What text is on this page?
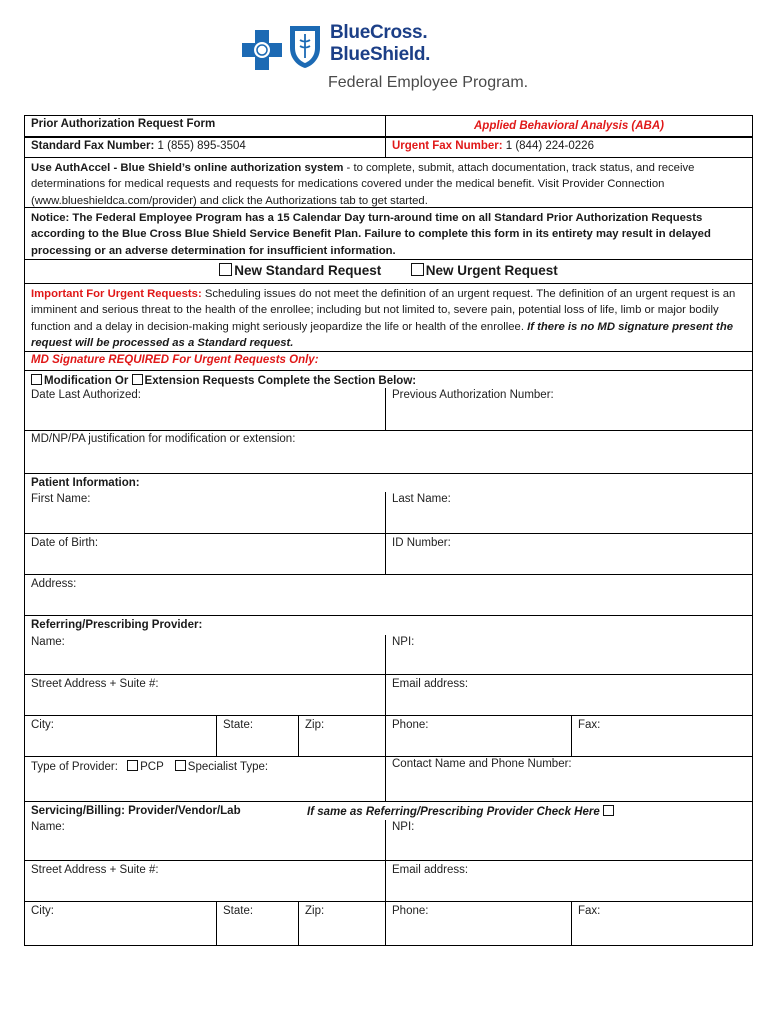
BlueCross.
BlueShield.
Federal Employee Program.
Prior Authorization Request Form	Applied Behavioral Analysis (ABA)
Standard Fax Number: 1 (855) 895-3504	Urgent Fax Number: 1 (844) 224-0226
Use AuthAccel - Blue Shield’s online authorization system - to complete, submit, attach documentation, track status, and receive determinations for medical requests and requests for medications covered under the medical benefit. Visit Provider Connection (www.blueshieldca.com/provider) and click the Authorizations tab to get started.
Notice: The Federal Employee Program has a 15 Calendar Day turn-around time on all Standard Prior Authorization Requests according to the Blue Cross Blue Shield Service Benefit Plan. Failure to complete this form in its entirety may result in delayed processing or an adverse determination for insufficient information.
New Standard Request	New Urgent Request
Important For Urgent Requests: Scheduling issues do not meet the definition of an urgent request. The definition of an urgent request is an imminent and serious threat to the health of the enrollee; including but not limited to, severe pain, potential loss of life, limb or major bodily function and a delay in decision-making might seriously jeopardize the life or health of the enrollee. If there is no MD signature present the request will be processed as a Standard request.
MD Signature REQUIRED For Urgent Requests Only:
Modification Or Extension Requests Complete the Section Below:
Date Last Authorized:	Previous Authorization Number:
MD/NP/PA justification for modification or extension:
Patient Information:
First Name:	Last Name:
Date of Birth:	ID Number:
Address:
Referring/Prescribing Provider:
Name:	NPI:
Street Address + Suite #:	Email address:
City:	State:	Zip:	Phone:	Fax:
Type of Provider: PCP Specialist Type:	Contact Name and Phone Number:
Servicing/Billing: Provider/Vendor/Lab	If same as Referring/Prescribing Provider Check Here
Name:	NPI:
Street Address + Suite #:	Email address:
City:	State:	Zip:	Phone:	Fax:
